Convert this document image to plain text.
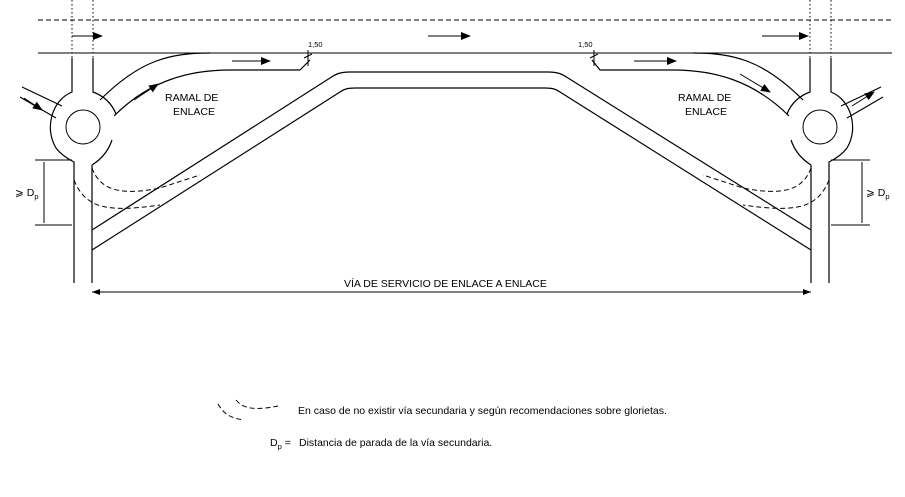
1,50	1,50
RAMAL DE
ENLACE
RAMAL DE
ENLACE
⩾ $D_p$	⩾ $D_p$
VÍA DE SERVICIO DE ENLACE A ENLACE
En caso de no existir vía secundaria y según recomendaciones sobre glorietas.
$D_p$ = Distancia de parada de la vía secundaria.
